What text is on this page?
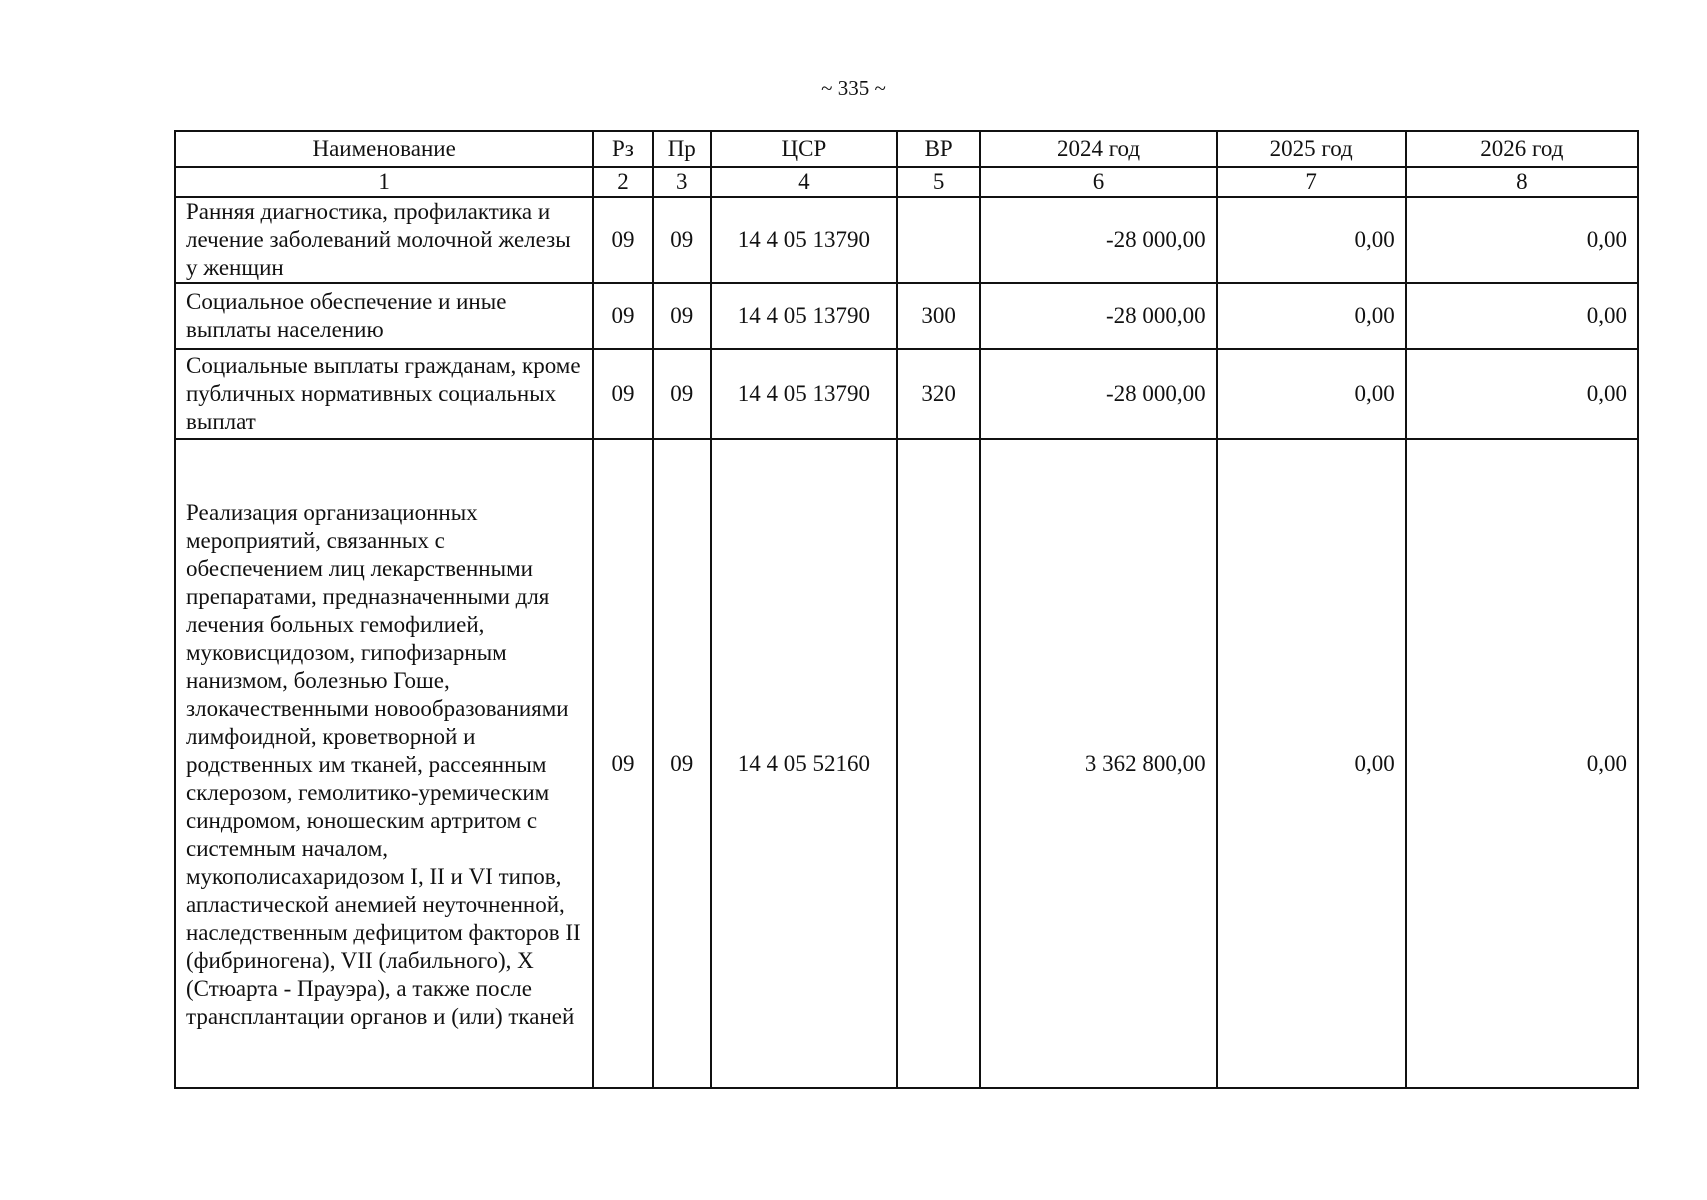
~ 335 ~
Наименование	Рз	Пр	ЦСР	ВР	2024 год	2025 год	2026 год
1	2	3	4	5	6	7	8
Ранняя диагностика, профилактика и лечение заболеваний молочной железы у женщин	09	09	14 4 05 13790		-28 000,00	0,00	0,00
Социальное обеспечение и иные выплаты населению	09	09	14 4 05 13790	300	-28 000,00	0,00	0,00
Социальные выплаты гражданам, кроме публичных нормативных социальных выплат	09	09	14 4 05 13790	320	-28 000,00	0,00	0,00
Реализация организационных мероприятий, связанных с обеспечением лиц лекарственными препаратами, предназначенными для лечения больных гемофилией, муковисцидозом, гипофизарным нанизмом, болезнью Гоше, злокачественными новообразованиями лимфоидной, кроветворной и родственных им тканей, рассеянным склерозом, гемолитико-уремическим синдромом, юношеским артритом с системным началом, мукополисахаридозом I, II и VI типов, апластической анемией неуточненной, наследственным дефицитом факторов II (фибриногена), VII (лабильного), X (Стюарта - Прауэра), а также после трансплантации органов и (или) тканей	09	09	14 4 05 52160		3 362 800,00	0,00	0,00
